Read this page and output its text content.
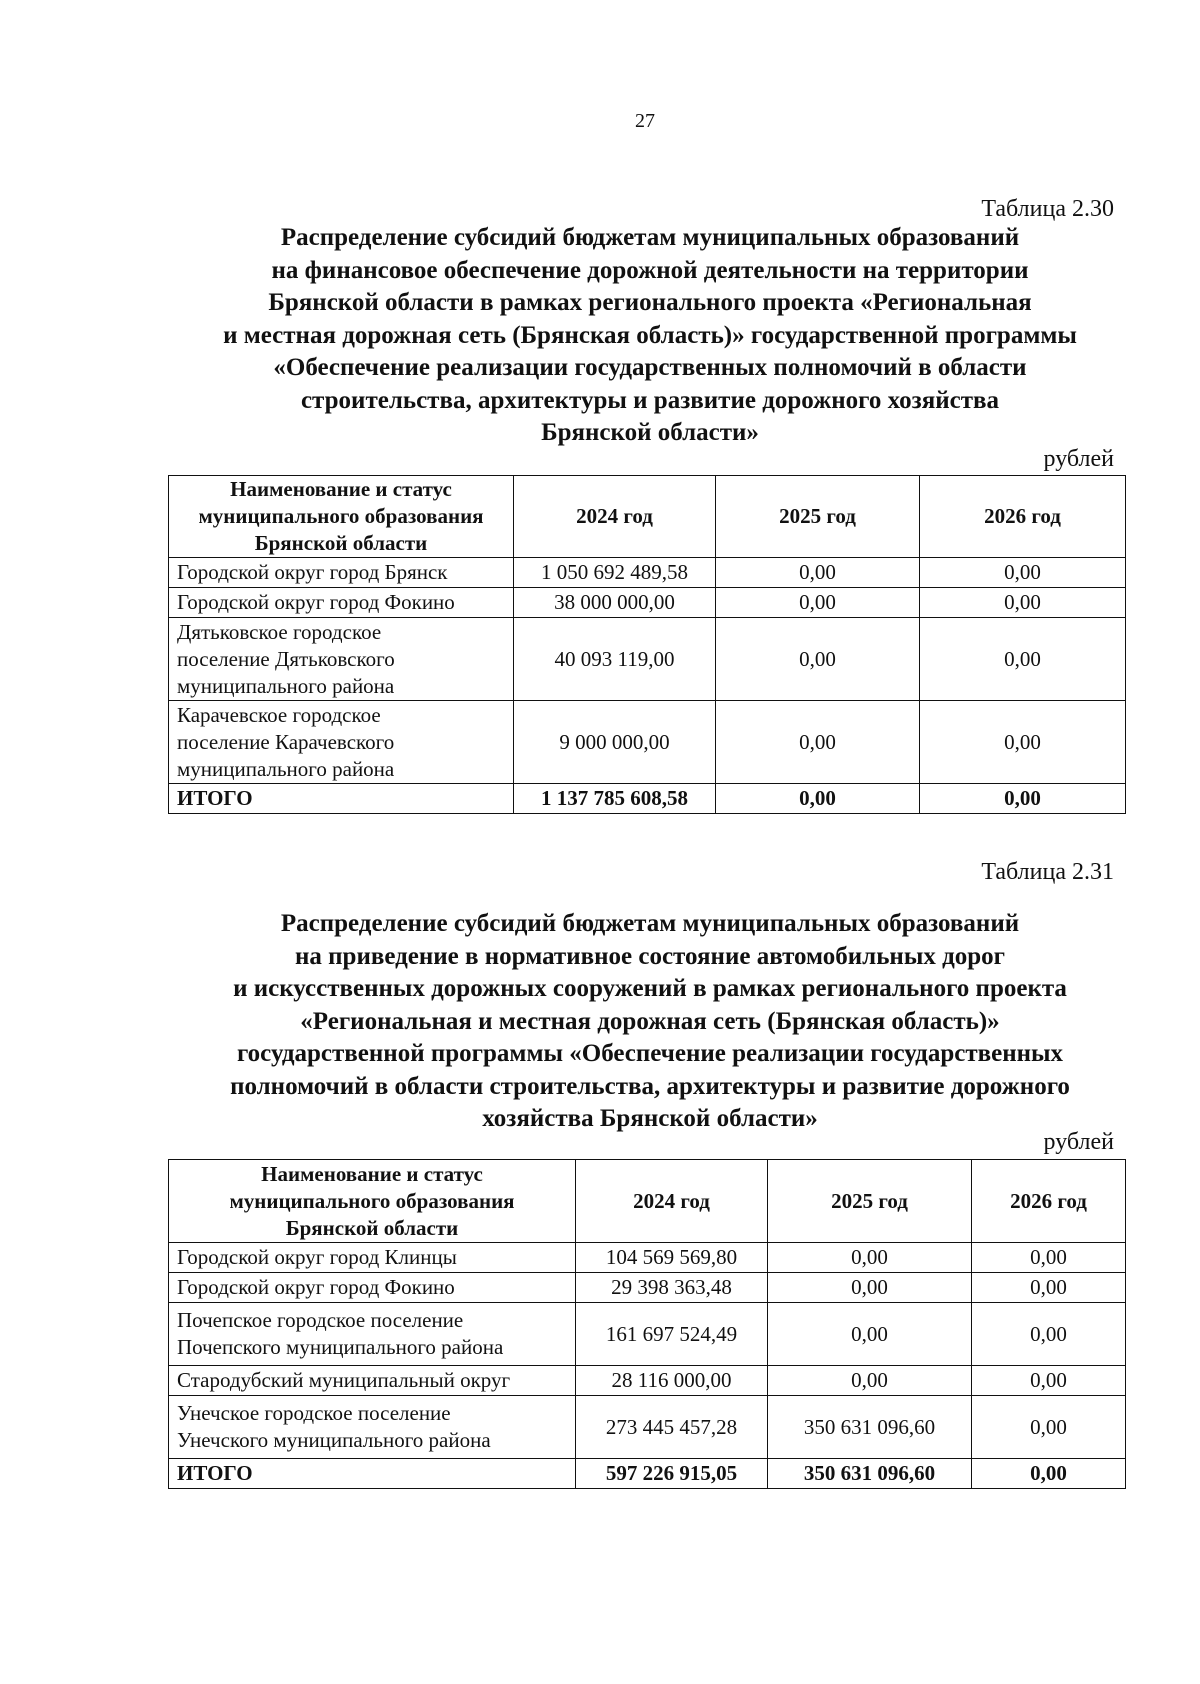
27
Таблица 2.30
Распределение субсидий бюджетам муниципальных образований
на финансовое обеспечение дорожной деятельности на территории
Брянской области в рамках регионального проекта «Региональная
и местная дорожная сеть (Брянская область)» государственной программы
«Обеспечение реализации государственных полномочий в области
строительства, архитектуры и развитие дорожного хозяйства
Брянской области»
рублей
Наименование и статус
муниципального образования
Брянской области	2024 год	2025 год	2026 год
Городской округ город Брянск	1 050 692 489,58	0,00	0,00
Городской округ город Фокино	38 000 000,00	0,00	0,00

Дятьковское городское
поселение Дятьковского
муниципального района	40 093 119,00	0,00	0,00

Карачевское городское
поселение Карачевского
муниципального района	9 000 000,00	0,00	0,00
ИТОГО	1 137 785 608,58	0,00	0,00
Таблица 2.31
Распределение субсидий бюджетам муниципальных образований
на приведение в нормативное состояние автомобильных дорог
и искусственных дорожных сооружений в рамках регионального проекта
«Региональная и местная дорожная сеть (Брянская область)»
государственной программы «Обеспечение реализации государственных
полномочий в области строительства, архитектуры и развитие дорожного
хозяйства Брянской области»
рублей
Наименование и статус
муниципального образования
Брянской области	2024 год	2025 год	2026 год
Городской округ город Клинцы	104 569 569,80	0,00	0,00
Городской округ город Фокино	29 398 363,48	0,00	0,00

Почепское городское поселение
Почепского муниципального района	161 697 524,49	0,00	0,00
Стародубский муниципальный округ	28 116 000,00	0,00	0,00

Унечское городское поселение
Унечского муниципального района	273 445 457,28	350 631 096,60	0,00
ИТОГО	597 226 915,05	350 631 096,60	0,00
